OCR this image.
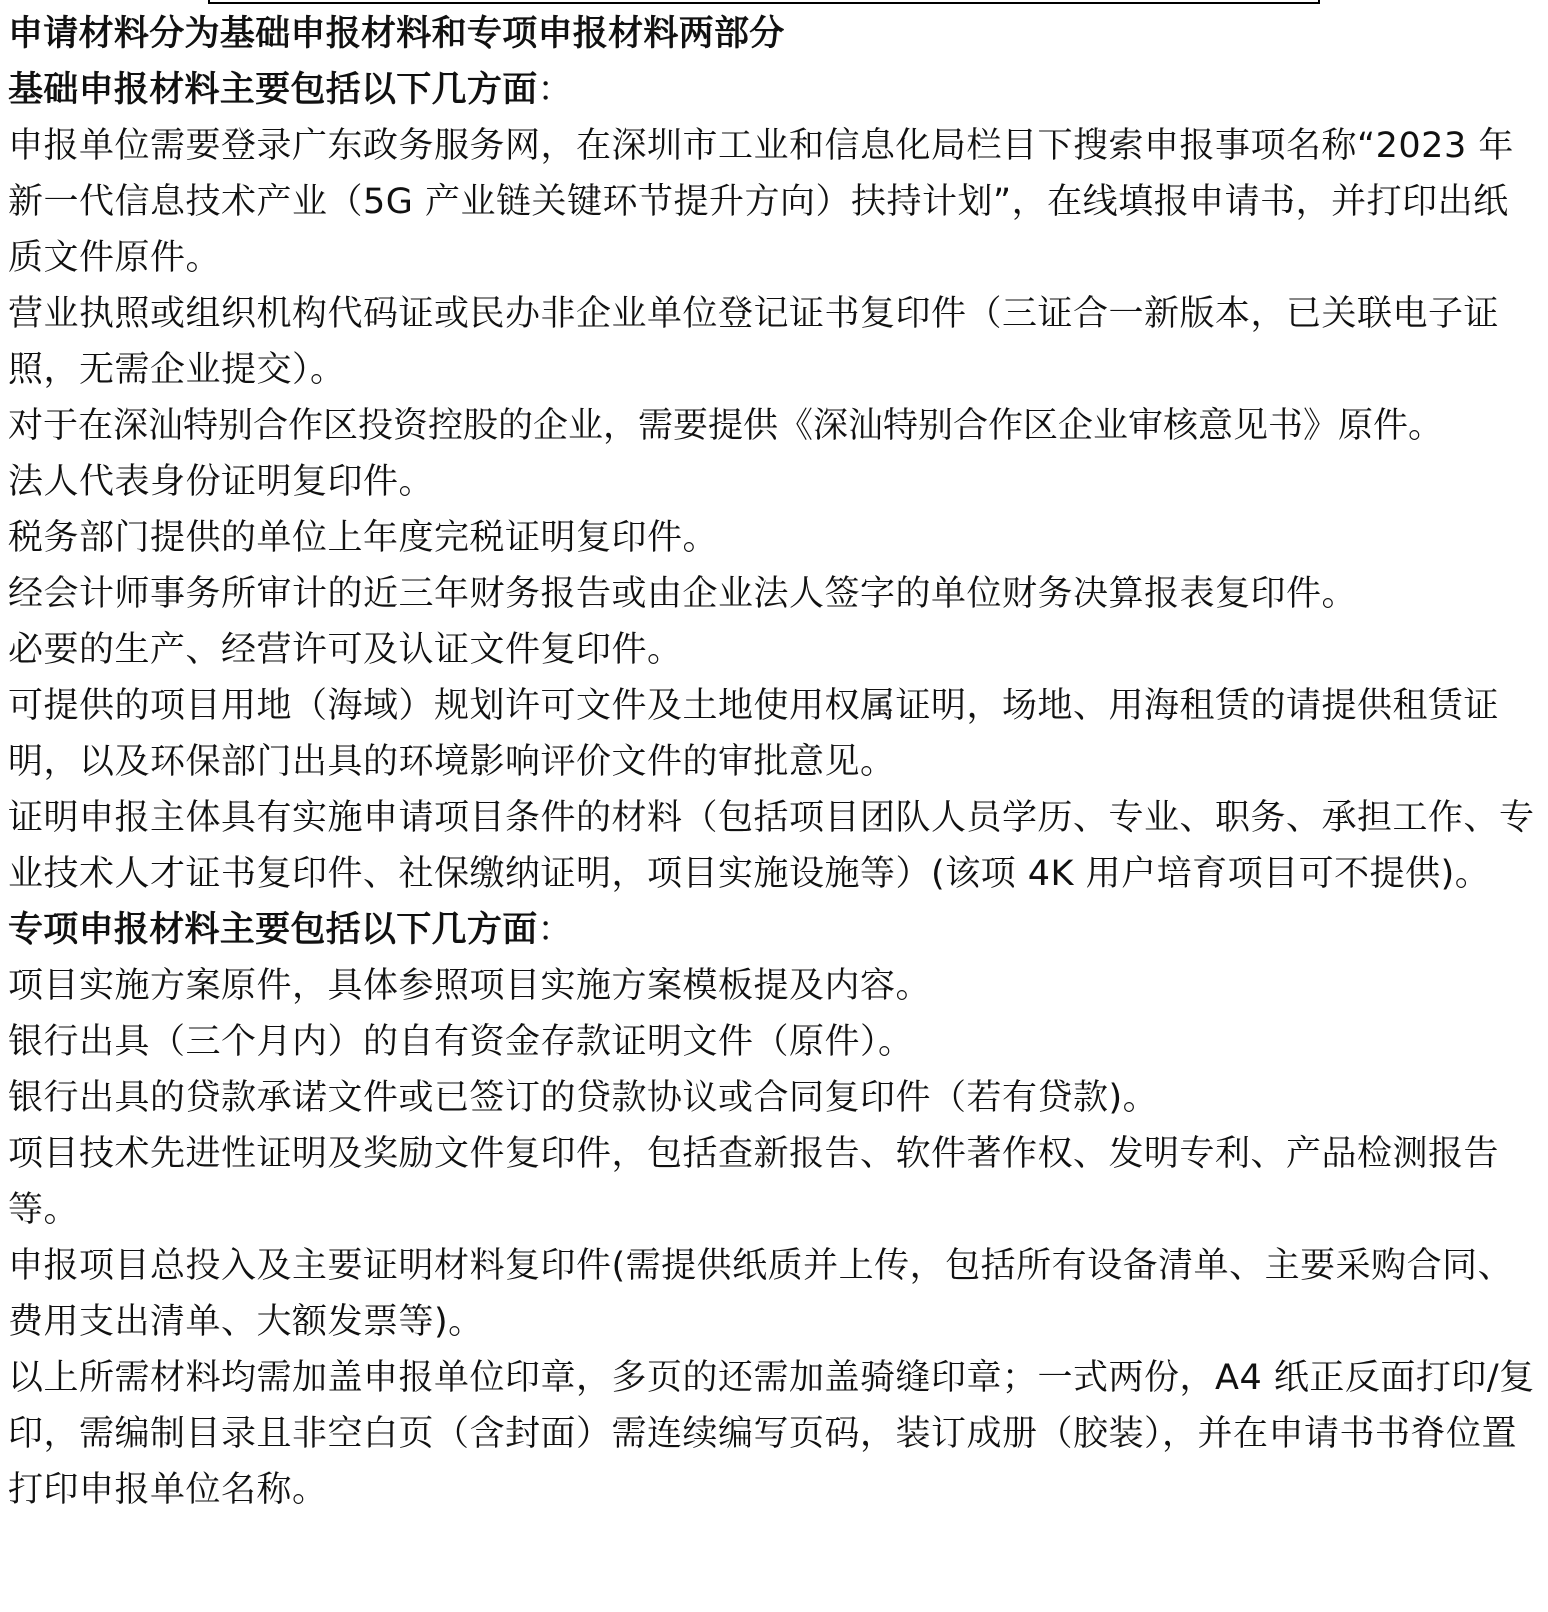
申请材料分为基础申报材料和专项申报材料两部分

基础申报材料主要包括以下几方面：

申报单位需要登录广东政务服务网，在深圳市工业和信息化局栏目下搜索申报事项名称“2023 年新一代信息技术产业（5G 产业链关键环节提升方向）扶持计划”，在线填报申请书，并打印出纸质文件原件。

营业执照或组织机构代码证或民办非企业单位登记证书复印件（三证合一新版本，已关联电子证照，无需企业提交）。

对于在深汕特别合作区投资控股的企业，需要提供《深汕特别合作区企业审核意见书》原件。

法人代表身份证明复印件。

税务部门提供的单位上年度完税证明复印件。

经会计师事务所审计的近三年财务报告或由企业法人签字的单位财务决算报表复印件。

必要的生产、经营许可及认证文件复印件。

可提供的项目用地（海域）规划许可文件及土地使用权属证明，场地、用海租赁的请提供租赁证明，以及环保部门出具的环境影响评价文件的审批意见。

证明申报主体具有实施申请项目条件的材料（包括项目团队人员学历、专业、职务、承担工作、专业技术人才证书复印件、社保缴纳证明，项目实施设施等）(该项 4K 用户培育项目可不提供)。

专项申报材料主要包括以下几方面：

项目实施方案原件，具体参照项目实施方案模板提及内容。

银行出具（三个月内）的自有资金存款证明文件（原件）。

银行出具的贷款承诺文件或已签订的贷款协议或合同复印件（若有贷款)。

项目技术先进性证明及奖励文件复印件，包括查新报告、软件著作权、发明专利、产品检测报告等。

申报项目总投入及主要证明材料复印件(需提供纸质并上传，包括所有设备清单、主要采购合同、费用支出清单、大额发票等)。

以上所需材料均需加盖申报单位印章，多页的还需加盖骑缝印章；一式两份，A4 纸正反面打印/复印，需编制目录且非空白页（含封面）需连续编写页码，装订成册（胶装），并在申请书书脊位置打印申报单位名称。
